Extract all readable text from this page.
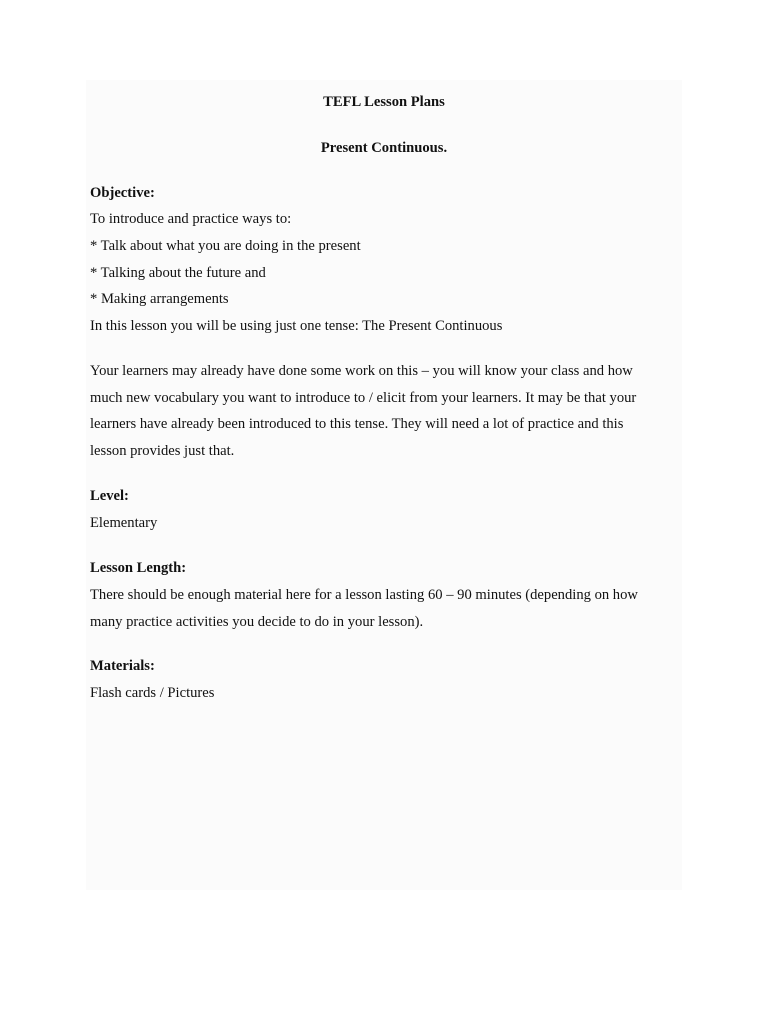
TEFL Lesson Plans
Present Continuous.
Objective:
To introduce and practice ways to:
* Talk about what you are doing in the present
* Talking about the future and
* Making arrangements
In this lesson you will be using just one tense: The Present Continuous
Your learners may already have done some work on this – you will know your class and how
much new vocabulary you want to introduce to / elicit from your learners. It may be that your
learners have already been introduced to this tense. They will need a lot of practice and this
lesson provides just that.
Level:
Elementary
Lesson Length:
There should be enough material here for a lesson lasting 60 – 90 minutes (depending on how
many practice activities you decide to do in your lesson).
Materials:
Flash cards / Pictures
